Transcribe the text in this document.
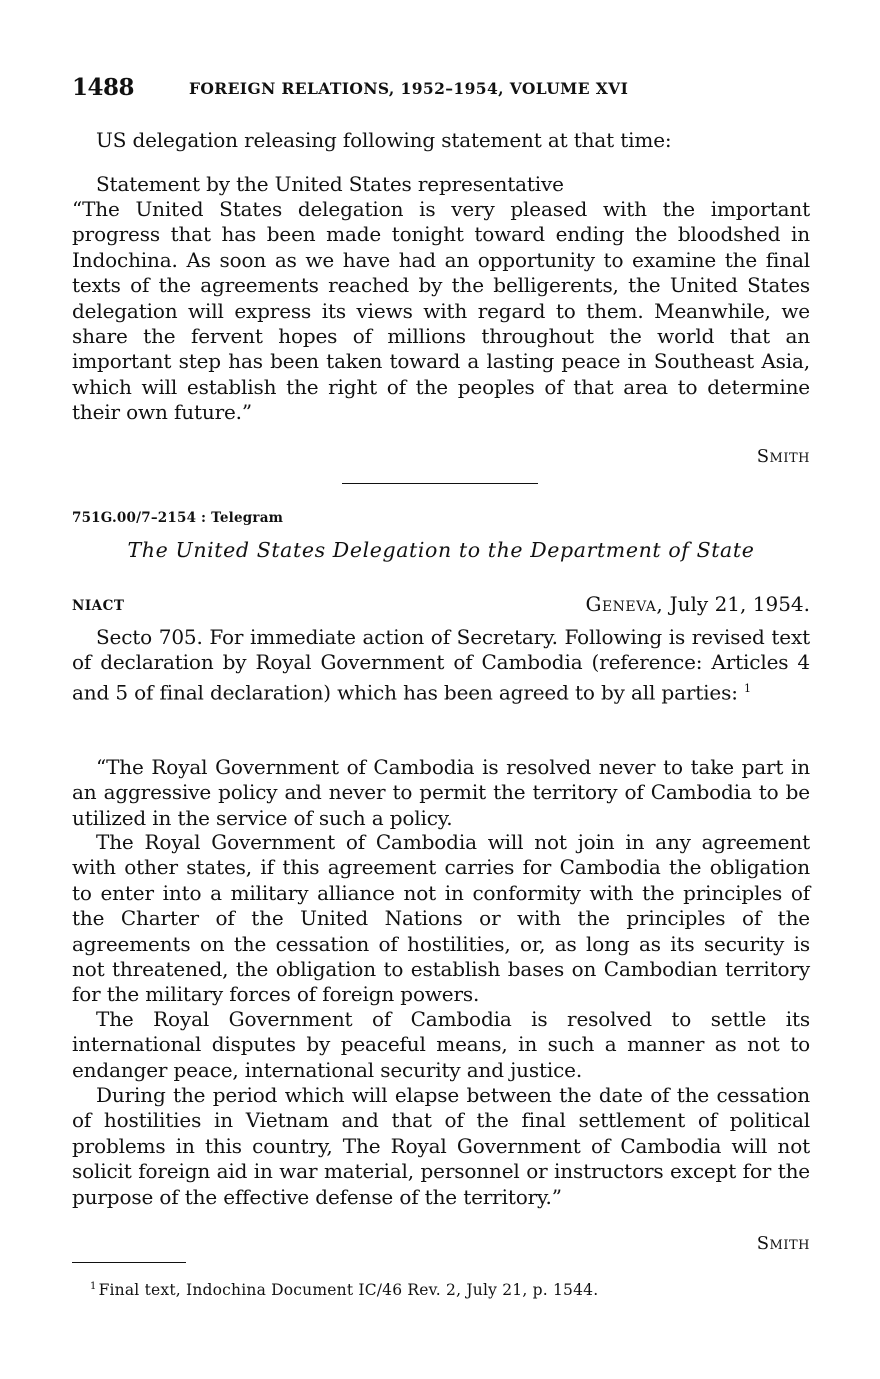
1488	FOREIGN RELATIONS, 1952–1954, VOLUME XVI

US delegation releasing following statement at that time:

Statement by the United States representative

“The United States delegation is very pleased with the important progress that has been made tonight toward ending the bloodshed in Indochina. As soon as we have had an opportunity to examine the final texts of the agreements reached by the belligerents, the United States delegation will express its views with regard to them. Meanwhile, we share the fervent hopes of millions throughout the world that an important step has been taken toward a lasting peace in Southeast Asia, which will establish the right of the peoples of that area to determine their own future.”

Smith
751G.00/7–2154 : Telegram
The United States Delegation to the Department of State
NIACT	Geneva, July 21, 1954.

Secto 705. For immediate action of Secretary. Following is revised text of declaration by Royal Government of Cambodia (reference: Articles 4 and 5 of final declaration) which has been agreed to by all parties: $^1$

“The Royal Government of Cambodia is resolved never to take part in an aggressive policy and never to permit the territory of Cambodia to be utilized in the service of such a policy.

The Royal Government of Cambodia will not join in any agreement with other states, if this agreement carries for Cambodia the obligation to enter into a military alliance not in conformity with the principles of the Charter of the United Nations or with the principles of the agreements on the cessation of hostilities, or, as long as its security is not threatened, the obligation to establish bases on Cambodian territory for the military forces of foreign powers.

The Royal Government of Cambodia is resolved to settle its international disputes by peaceful means, in such a manner as not to endanger peace, international security and justice.

During the period which will elapse between the date of the cessation of hostilities in Vietnam and that of the final settlement of political problems in this country, The Royal Government of Cambodia will not solicit foreign aid in war material, personnel or instructors except for the purpose of the effective defense of the territory.”

Smith
$^1$ Final text, Indochina Document IC/46 Rev. 2, July 21, p. 1544.
